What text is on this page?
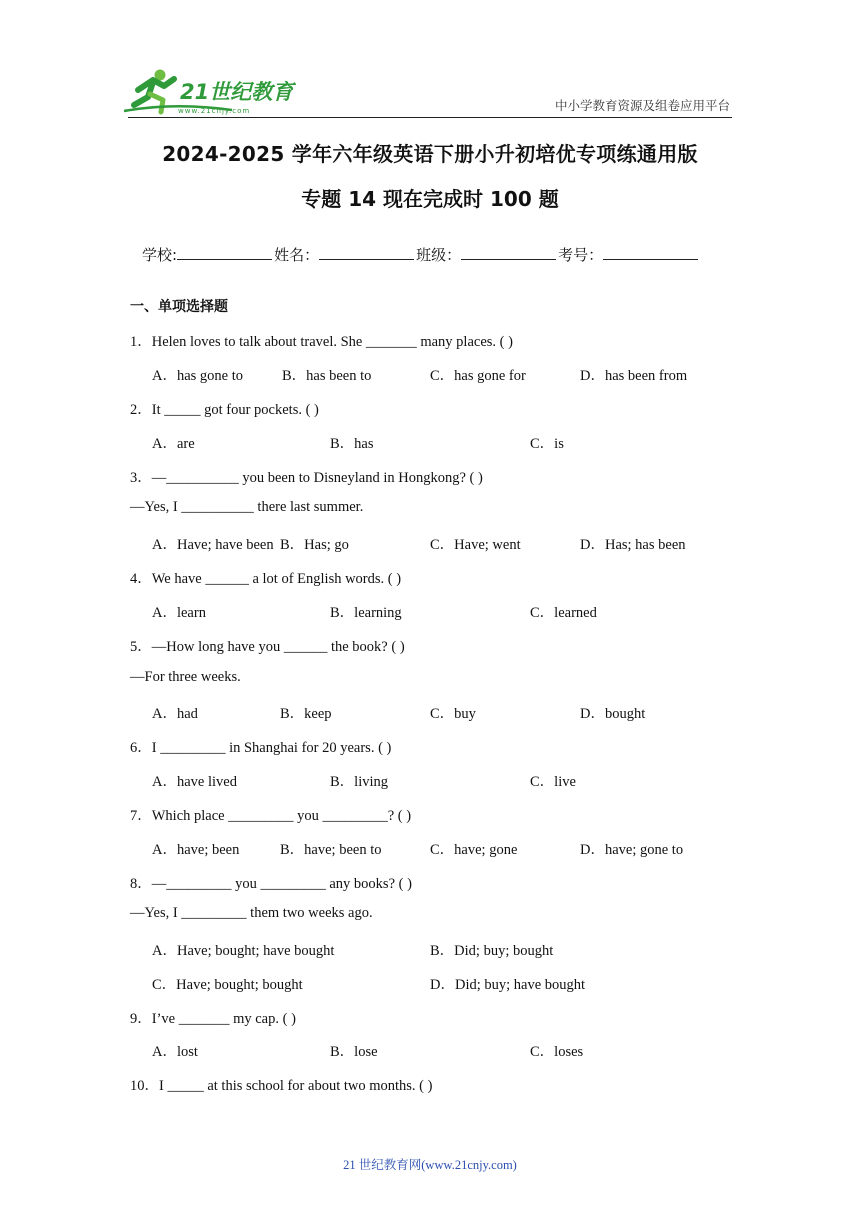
21世纪教育
www.21cnjy.com	中小学教育资源及组卷应用平台
2024-2025 学年六年级英语下册小升初培优专项练通用版
专题 14 现在完成时 100 题
学校:	姓名：	班级：	考号：
一、单项选择题
1．Helen loves to talk about travel. She _______ many places. ( )
A．has gone to	B．has been to	C．has gone for	D．has been from
2．It _____ got four pockets. ( )
A．are	B．has	C．is
3．—__________ you been to Disneyland in Hongkong? ( )
—Yes, I __________ there last summer.
A．Have; have been B．Has; go	C．Have; went	D．Has; has been
4．We have ______ a lot of English words. ( )
A．learn	B．learning	C．learned
5．—How long have you ______ the book? ( )
—For three weeks.
A．had	B．keep	C．buy	D．bought
6．I _________ in Shanghai for 20 years. ( )
A．have lived	B．living	C．live
7．Which place _________ you _________? ( )
A．have; been	B．have; been to	C．have; gone	D．have; gone to
8．—_________ you _________ any books? ( )
—Yes, I _________ them two weeks ago.
A．Have; bought; have bought	B．Did; buy; bought
C．Have; bought; bought	D．Did; buy; have bought
9．I’ve _______ my cap. ( )
A．lost	B．lose	C．loses
10．I _____ at this school for about two months. ( )
21 世纪教育网(www.21cnjy.com)
